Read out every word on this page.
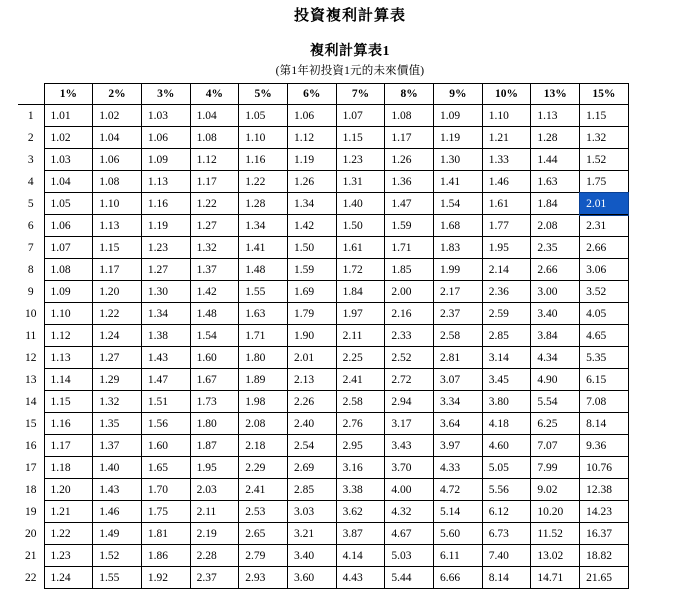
投資複利計算表
複利計算表1
(第1年初投資1元的未來價值)
	1%	2%	3%	4%	5%	6%	7%	8%	9%	10%	13%	15%
1	1.01	1.02	1.03	1.04	1.05	1.06	1.07	1.08	1.09	1.10	1.13	1.15
2	1.02	1.04	1.06	1.08	1.10	1.12	1.15	1.17	1.19	1.21	1.28	1.32
3	1.03	1.06	1.09	1.12	1.16	1.19	1.23	1.26	1.30	1.33	1.44	1.52
4	1.04	1.08	1.13	1.17	1.22	1.26	1.31	1.36	1.41	1.46	1.63	1.75
5	1.05	1.10	1.16	1.22	1.28	1.34	1.40	1.47	1.54	1.61	1.84	2.01
6	1.06	1.13	1.19	1.27	1.34	1.42	1.50	1.59	1.68	1.77	2.08	2.31
7	1.07	1.15	1.23	1.32	1.41	1.50	1.61	1.71	1.83	1.95	2.35	2.66
8	1.08	1.17	1.27	1.37	1.48	1.59	1.72	1.85	1.99	2.14	2.66	3.06
9	1.09	1.20	1.30	1.42	1.55	1.69	1.84	2.00	2.17	2.36	3.00	3.52
10	1.10	1.22	1.34	1.48	1.63	1.79	1.97	2.16	2.37	2.59	3.40	4.05
11	1.12	1.24	1.38	1.54	1.71	1.90	2.11	2.33	2.58	2.85	3.84	4.65
12	1.13	1.27	1.43	1.60	1.80	2.01	2.25	2.52	2.81	3.14	4.34	5.35
13	1.14	1.29	1.47	1.67	1.89	2.13	2.41	2.72	3.07	3.45	4.90	6.15
14	1.15	1.32	1.51	1.73	1.98	2.26	2.58	2.94	3.34	3.80	5.54	7.08
15	1.16	1.35	1.56	1.80	2.08	2.40	2.76	3.17	3.64	4.18	6.25	8.14
16	1.17	1.37	1.60	1.87	2.18	2.54	2.95	3.43	3.97	4.60	7.07	9.36
17	1.18	1.40	1.65	1.95	2.29	2.69	3.16	3.70	4.33	5.05	7.99	10.76
18	1.20	1.43	1.70	2.03	2.41	2.85	3.38	4.00	4.72	5.56	9.02	12.38
19	1.21	1.46	1.75	2.11	2.53	3.03	3.62	4.32	5.14	6.12	10.20	14.23
20	1.22	1.49	1.81	2.19	2.65	3.21	3.87	4.67	5.60	6.73	11.52	16.37
21	1.23	1.52	1.86	2.28	2.79	3.40	4.14	5.03	6.11	7.40	13.02	18.82
22	1.24	1.55	1.92	2.37	2.93	3.60	4.43	5.44	6.66	8.14	14.71	21.65
